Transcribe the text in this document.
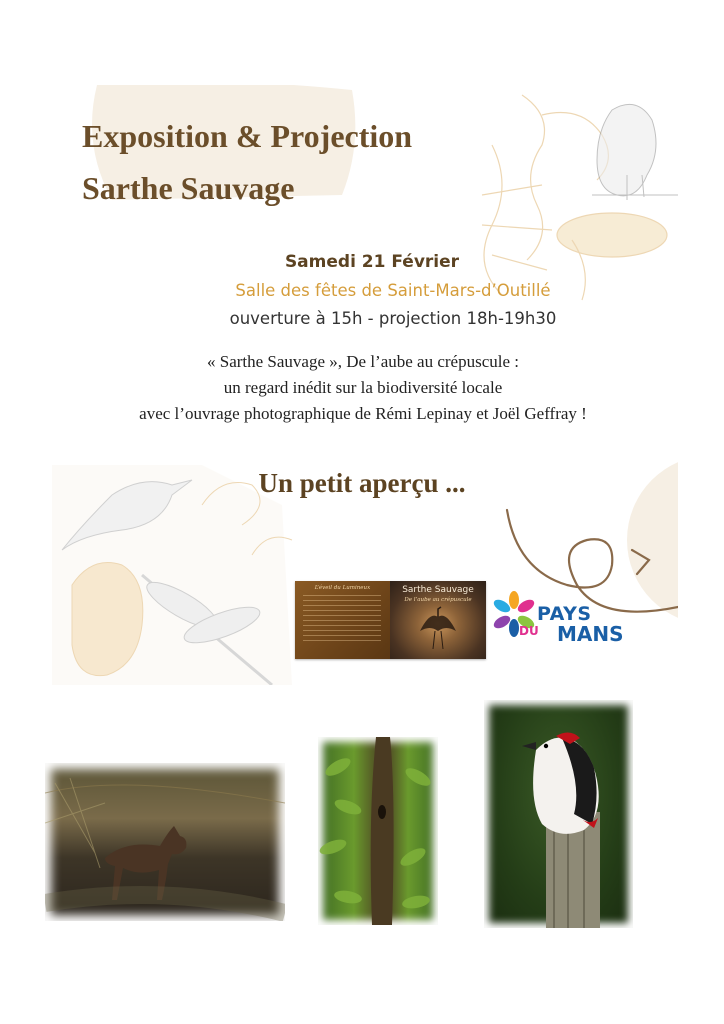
Exposition & Projection
Sarthe Sauvage
Samedi 21 Février
Salle des fêtes de Saint-Mars-d’Outillé
ouverture à 15h - projection 18h-19h30
« Sarthe Sauvage », De l’aube au crépuscule :
un regard inédit sur la biodiversité locale
avec l’ouvrage photographique de Rémi Lepinay et Joël Geffray !
Un petit aperçu ...
L’éveil du Lumineux	Sarthe Sauvage
De l’aube au crépuscule
PAYS
DU MANS
